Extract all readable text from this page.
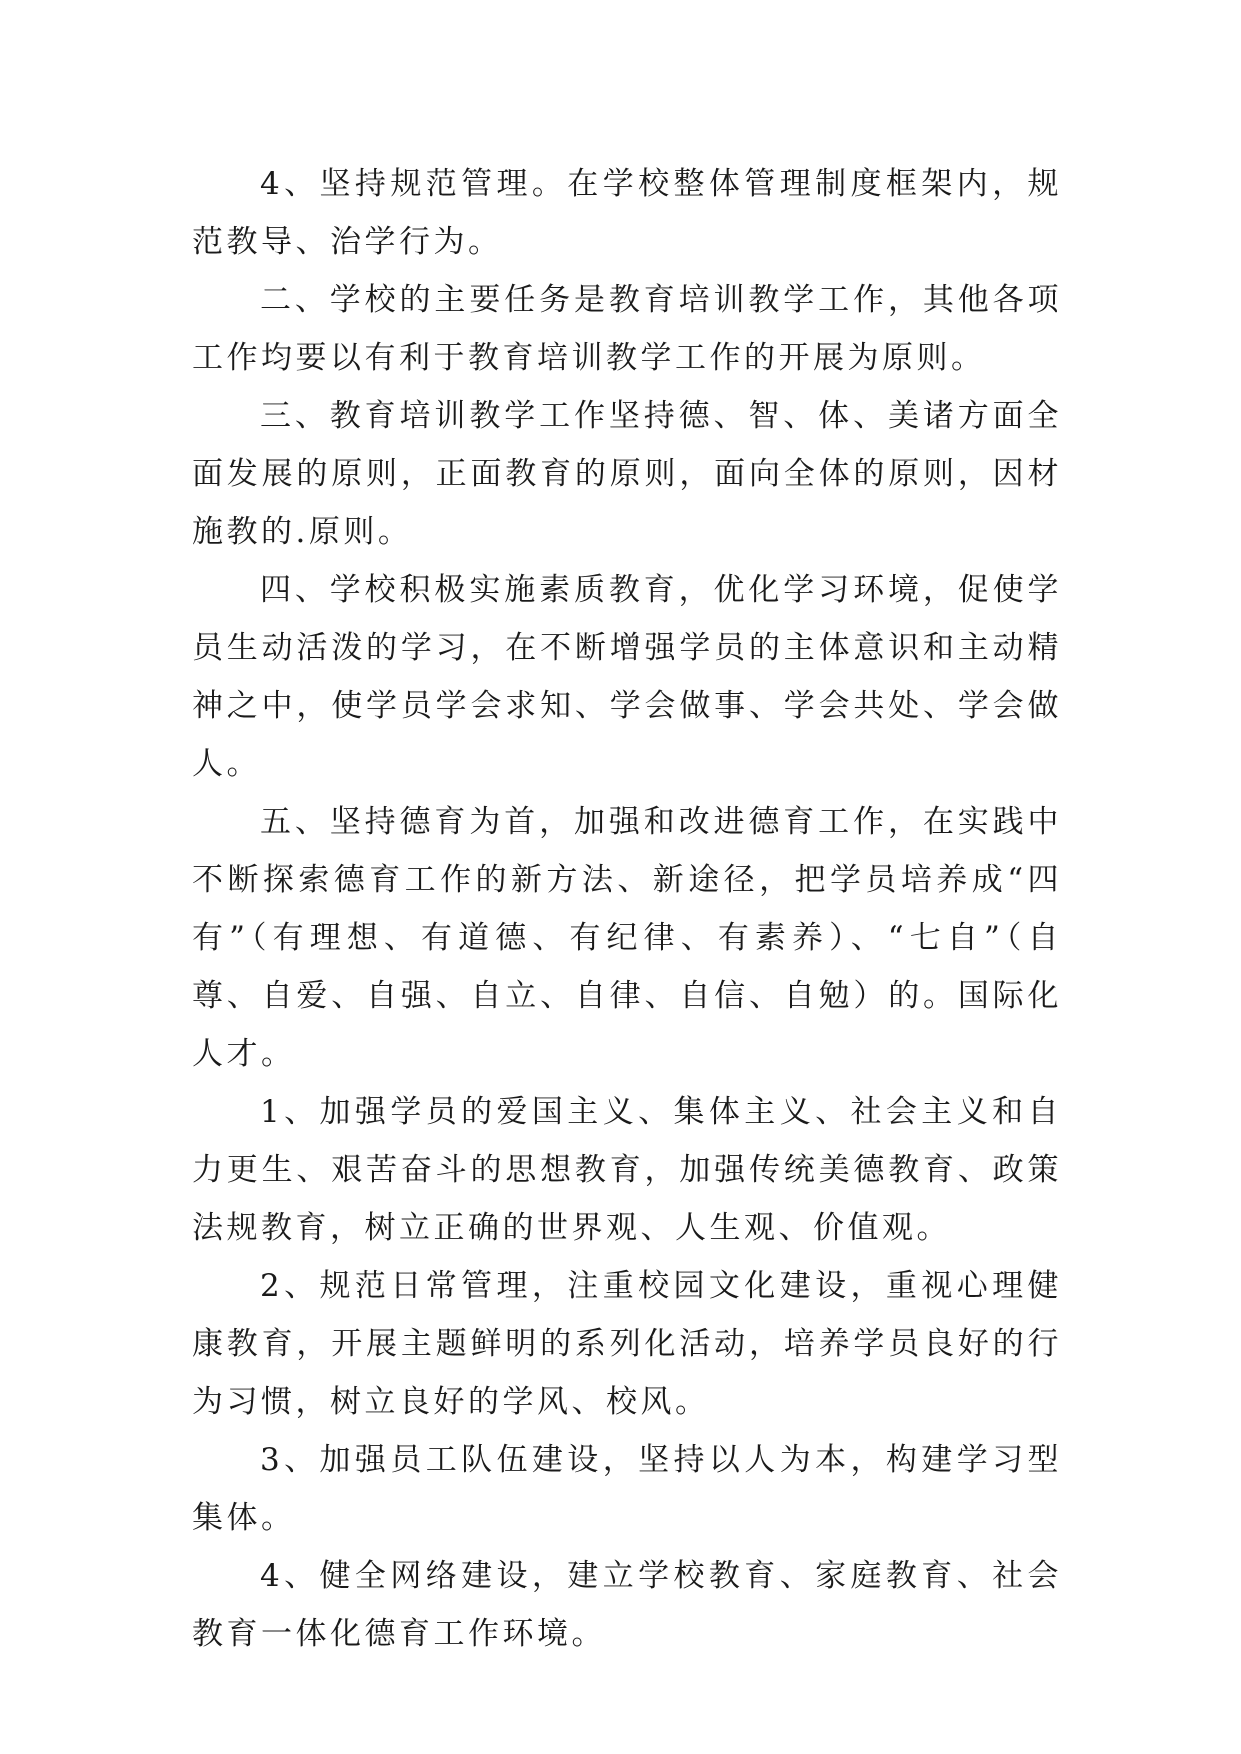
4、坚持规范管理。在学校整体管理制度框架内，规范教导、治学行为。

二、学校的主要任务是教育培训教学工作，其他各项工作均要以有利于教育培训教学工作的开展为原则。

三、教育培训教学工作坚持德、智、体、美诸方面全面发展的原则，正面教育的原则，面向全体的原则，因材施教的.原则。

四、学校积极实施素质教育，优化学习环境，促使学员生动活泼的学习，在不断增强学员的主体意识和主动精神之中，使学员学会求知、学会做事、学会共处、学会做人。

五、坚持德育为首，加强和改进德育工作，在实践中不断探索德育工作的新方法、新途径，把学员培养成“四有”（有理想、有道德、有纪律、有素养）、“七自”（自尊、自爱、自强、自立、自律、自信、自勉）的。国际化人才。

1、加强学员的爱国主义、集体主义、社会主义和自力更生、艰苦奋斗的思想教育，加强传统美德教育、政策法规教育，树立正确的世界观、人生观、价值观。

2、规范日常管理，注重校园文化建设，重视心理健康教育，开展主题鲜明的系列化活动，培养学员良好的行为习惯，树立良好的学风、校风。

3、加强员工队伍建设，坚持以人为本，构建学习型集体。

4、健全网络建设，建立学校教育、家庭教育、社会教育一体化德育工作环境。
